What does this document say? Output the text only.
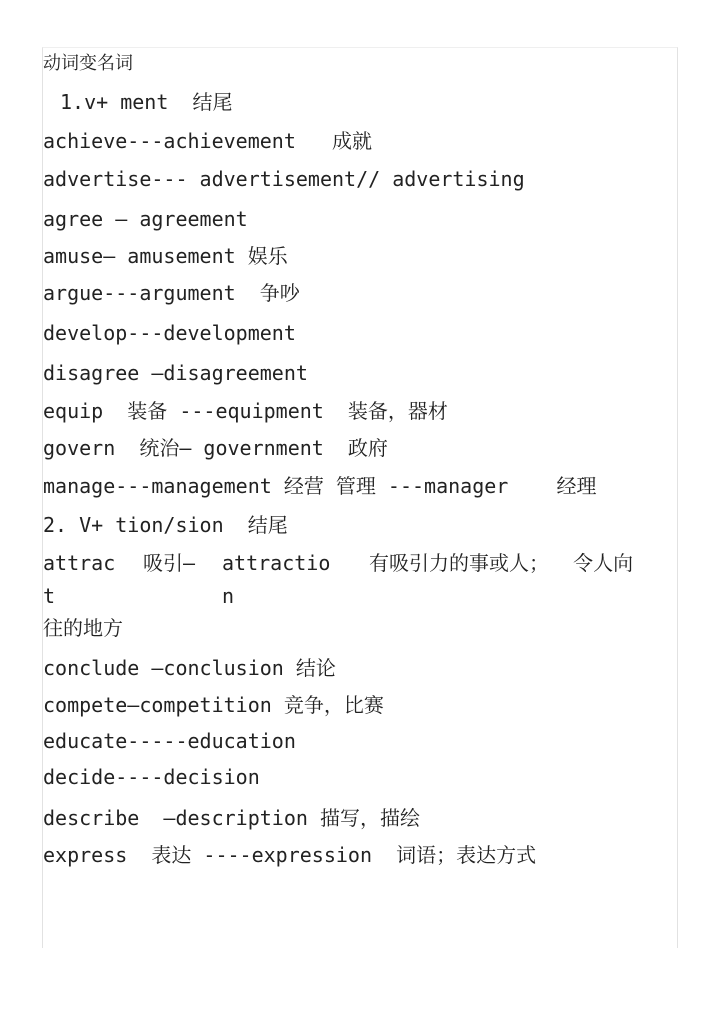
动词变名词
1.v+ ment  结尾
achieve---achievement   成就
advertise--- advertisement// advertising
agree — agreement
amuse— amusement 娱乐
argue---argument  争吵
develop---development
disagree —disagreement
equip  装备 ---equipment  装备，器材
govern  统治— government  政府
manage---management 经营 管理 ---manager    经理
2. V+ tion/sion  结尾
attrac
t
吸引— attractio
n
有吸引力的事或人；  令人向
往的地方
conclude —conclusion 结论
compete—competition 竞争，比赛
educate-----education
decide----decision
describe  —description 描写，描绘
express  表达 ----expression  词语；表达方式
